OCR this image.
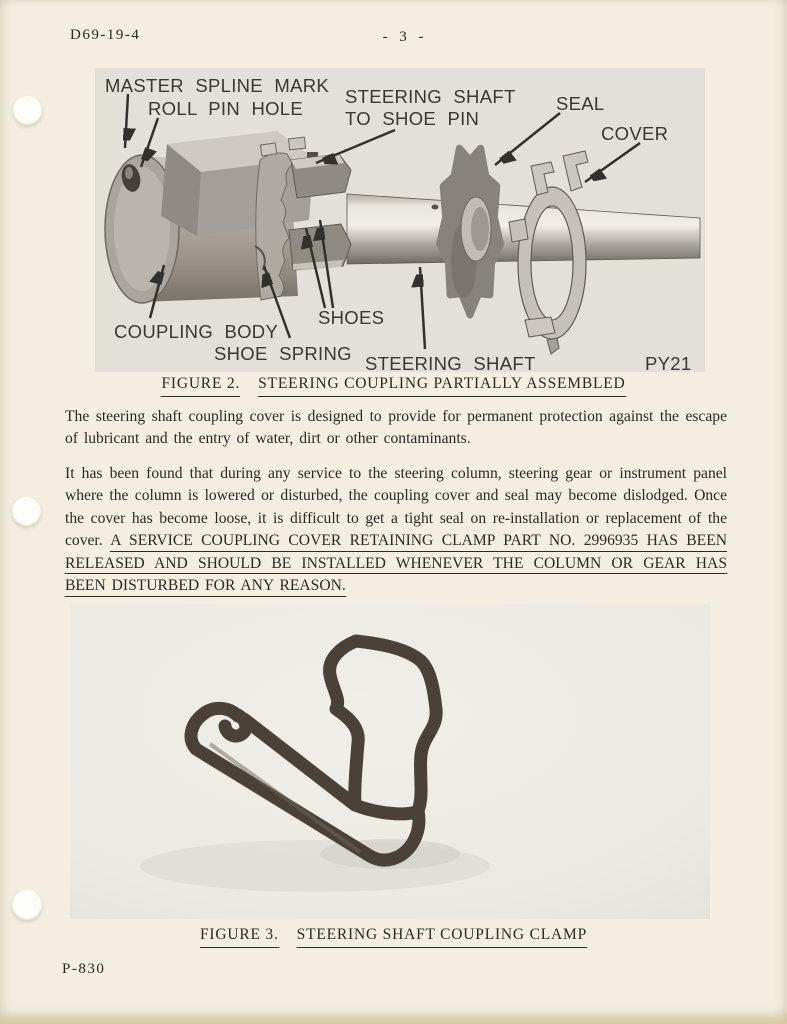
D69-19-4	- 3 -
MASTER SPLINE MARK
ROLL PIN HOLE
STEERING SHAFT
TO SHOE PIN
SEAL
COVER
COUPLING BODY
SHOES
SHOE SPRING STEERING SHAFT	PY21
FIGURE 2. STEERING COUPLING PARTIALLY ASSEMBLED

The steering shaft coupling cover is designed to provide for permanent protection against the escape of lubricant and the entry of water, dirt or other contaminants.

It has been found that during any service to the steering column, steering gear or instrument panel where the column is lowered or disturbed, the coupling cover and seal may become dislodged. Once the cover has become loose, it is difficult to get a tight seal on re-installation or replacement of the cover. A SERVICE COUPLING COVER RETAINING CLAMP PART NO. 2996935 HAS BEEN RELEASED AND SHOULD BE INSTALLED WHENEVER THE COLUMN OR GEAR HAS BEEN DISTURBED FOR ANY REASON.

FIGURE 3. STEERING SHAFT COUPLING CLAMP
P-830
